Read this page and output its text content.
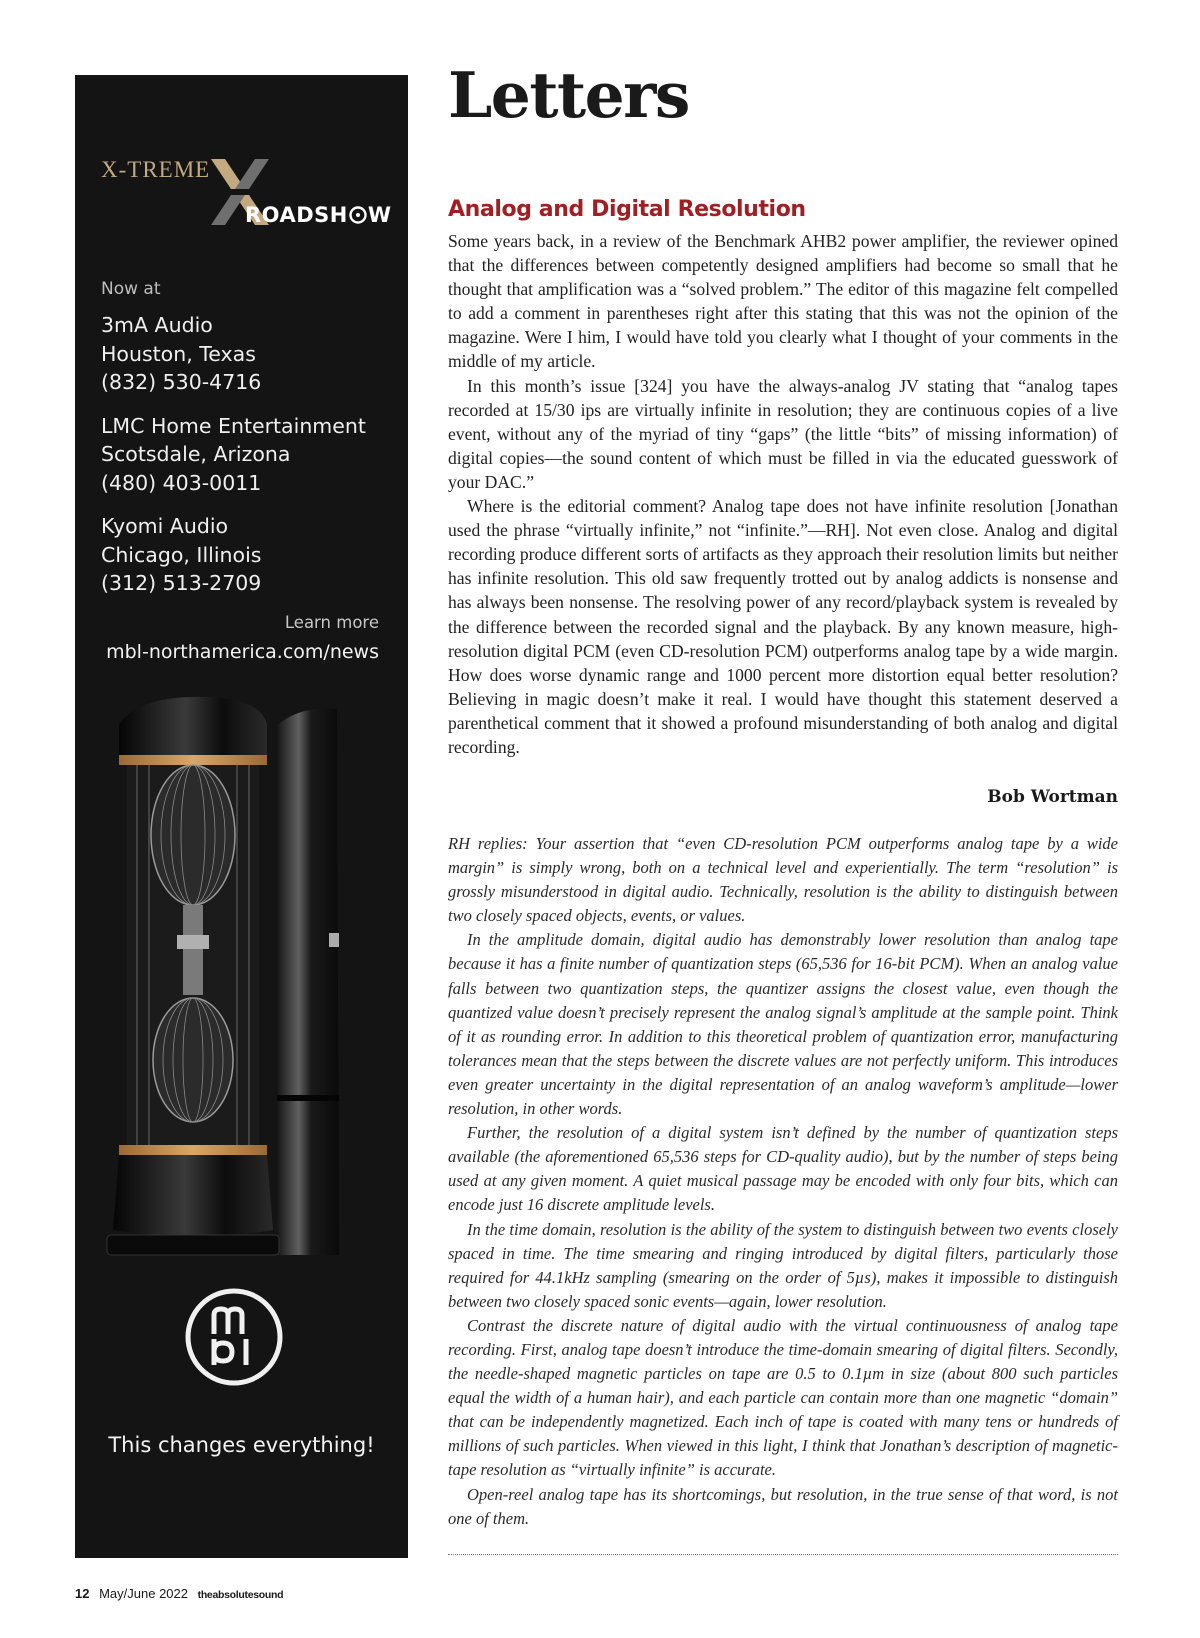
X-TREME
ROADSH W
Now at
3mA Audio
Houston, Texas
(832) 530-4716
LMC Home Entertainment
Scotsdale, Arizona
(480) 403-0011
Kyomi Audio
Chicago, Illinois
(312) 513-2709
Learn more
mbl-northamerica.com/news
This changes everything!
Letters
Analog and Digital Resolution

Some years back, in a review of the Benchmark AHB2 power amplifier, the reviewer opined that the differences between competently designed amplifiers had become so small that he thought that amplification was a “solved problem.” The editor of this magazine felt compelled to add a comment in parentheses right after this stating that this was not the opinion of the magazine. Were I him, I would have told you clearly what I thought of your comments in the middle of my article.

In this month’s issue [324] you have the always-analog JV stating that “analog tapes recorded at 15/30 ips are virtually infinite in resolution; they are continuous copies of a live event, without any of the myriad of tiny “gaps” (the little “bits” of missing information) of digital copies—the sound content of which must be filled in via the educated guesswork of your DAC.”

Where is the editorial comment? Analog tape does not have infinite resolution [Jonathan used the phrase “virtually infinite,” not “infinite.”—RH]. Not even close. Analog and digital recording produce different sorts of artifacts as they approach their resolution limits but neither has infinite resolution. This old saw frequently trotted out by analog addicts is nonsense and has always been nonsense. The resolving power of any record/playback system is revealed by the difference between the recorded signal and the playback. By any known measure, high-resolution digital PCM (even CD-resolution PCM) outperforms analog tape by a wide margin. How does worse dynamic range and 1000 percent more distortion equal better resolution? Believing in magic doesn’t make it real. I would have thought this statement deserved a parenthetical comment that it showed a profound misunderstanding of both analog and digital recording.

Bob Wortman

RH replies: Your assertion that “even CD-resolution PCM outperforms analog tape by a wide margin” is simply wrong, both on a technical level and experientially. The term “resolution” is grossly misunderstood in digital audio. Technically, resolution is the ability to distinguish between two closely spaced objects, events, or values.

In the amplitude domain, digital audio has demonstrably lower resolution than analog tape because it has a finite number of quantization steps (65,536 for 16-bit PCM). When an analog value falls between two quantization steps, the quantizer assigns the closest value, even though the quantized value doesn’t precisely represent the analog signal’s amplitude at the sample point. Think of it as rounding error. In addition to this theoretical problem of quantization error, manufacturing tolerances mean that the steps between the discrete values are not perfectly uniform. This introduces even greater uncertainty in the digital representation of an analog waveform’s amplitude—lower resolution, in other words.

Further, the resolution of a digital system isn’t defined by the number of quantization steps available (the aforementioned 65,536 steps for CD-quality audio), but by the number of steps being used at any given moment. A quiet musical passage may be encoded with only four bits, which can encode just 16 discrete amplitude levels.

In the time domain, resolution is the ability of the system to distinguish between two events closely spaced in time. The time smearing and ringing introduced by digital filters, particularly those required for 44.1kHz sampling (smearing on the order of 5µs), makes it impossible to distinguish between two closely spaced sonic events—again, lower resolution.

Contrast the discrete nature of digital audio with the virtual continuousness of analog tape recording. First, analog tape doesn’t introduce the time-domain smearing of digital filters. Secondly, the needle-shaped magnetic particles on tape are 0.5 to 0.1µm in size (about 800 such particles equal the width of a human hair), and each particle can contain more than one magnetic “domain” that can be independently magnetized. Each inch of tape is coated with many tens or hundreds of millions of such particles. When viewed in this light, I think that Jonathan’s description of magnetic-tape resolution as “virtually infinite” is accurate.

Open-reel analog tape has its shortcomings, but resolution, in the true sense of that word, is not one of them.

12 May/June 2022 theabsolutesound
